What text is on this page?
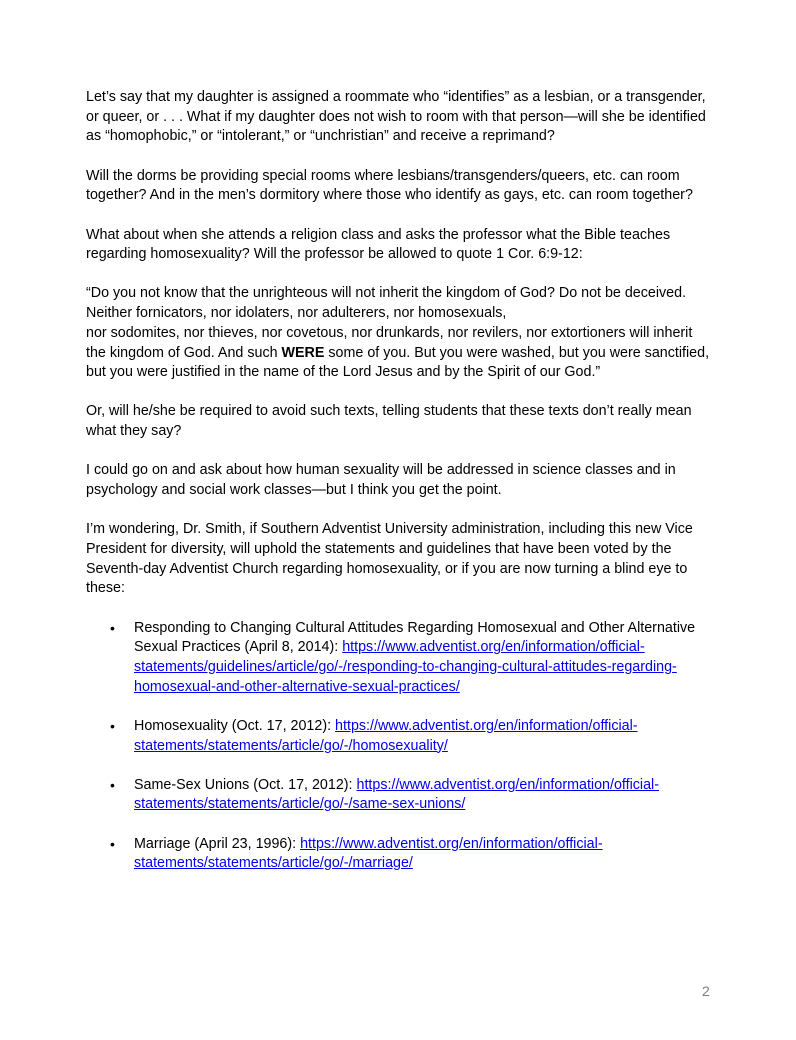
Let’s say that my daughter is assigned a roommate who “identifies” as a lesbian, or a transgender, or queer, or . . . What if my daughter does not wish to room with that person—will she be identified as “homophobic,” or “intolerant,” or “unchristian” and receive a reprimand?

Will the dorms be providing special rooms where lesbians/transgenders/queers, etc. can room together? And in the men’s dormitory where those who identify as gays, etc. can room together?

What about when she attends a religion class and asks the professor what the Bible teaches regarding homosexuality? Will the professor be allowed to quote 1 Cor. 6:9-12:

“Do you not know that the unrighteous will not inherit the kingdom of God? Do not be deceived. Neither fornicators, nor idolaters, nor adulterers, nor homosexuals,
nor sodomites, nor thieves, nor covetous, nor drunkards, nor revilers, nor extortioners will inherit the kingdom of God. And such WERE some of you. But you were washed, but you were sanctified, but you were justified in the name of the Lord Jesus and by the Spirit of our God.”

Or, will he/she be required to avoid such texts, telling students that these texts don’t really mean what they say?

I could go on and ask about how human sexuality will be addressed in science classes and in psychology and social work classes—but I think you get the point.

I’m wondering, Dr. Smith, if Southern Adventist University administration, including this new Vice President for diversity, will uphold the statements and guidelines that have been voted by the Seventh-day Adventist Church regarding homosexuality, or if you are now turning a blind eye to these:

• Responding to Changing Cultural Attitudes Regarding Homosexual and Other Alternative Sexual Practices (April 8, 2014): https://www.adventist.org/en/information/official-statements/guidelines/article/go/-/responding-to-changing-cultural-attitudes-regarding-homosexual-and-other-alternative-sexual-practices/
• Homosexuality (Oct. 17, 2012): https://www.adventist.org/en/information/official-statements/statements/article/go/-/homosexuality/
• Same-Sex Unions (Oct. 17, 2012): https://www.adventist.org/en/information/official-statements/statements/article/go/-/same-sex-unions/
• Marriage (April 23, 1996): https://www.adventist.org/en/information/official-statements/statements/article/go/-/marriage/
2
